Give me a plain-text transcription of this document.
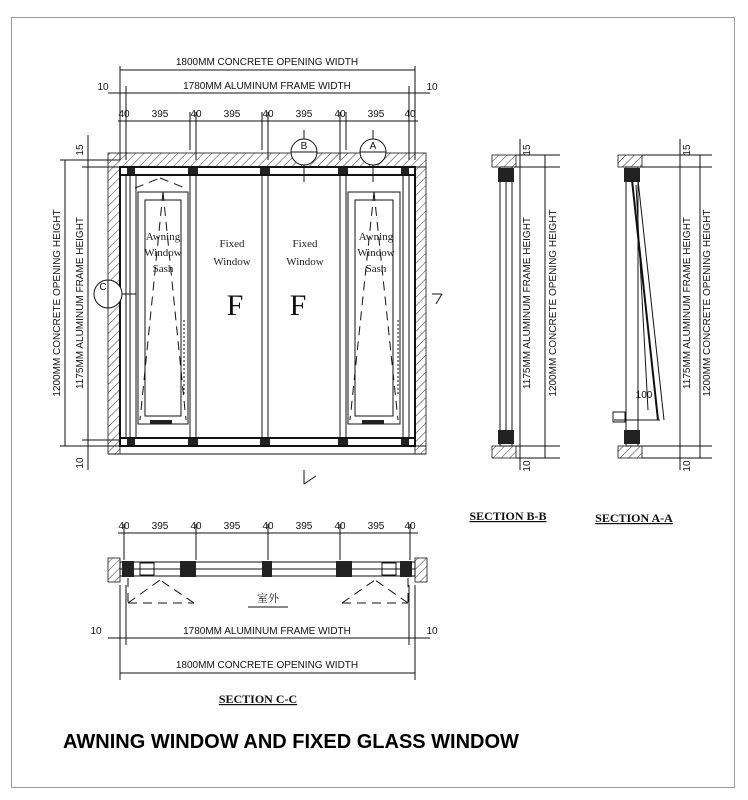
1800MM CONCRETE OPENING WIDTH
1780MM ALUMINUM FRAME WIDTH
10	10
40 395 40 395 40 395 40 395 40
1200MM CONCRETE OPENING HEIGHT 1175MM ALUMINUM FRAME HEIGHT
15
10
Awning
Window
Sash
Awning
Window
Sash
Fixed
Window
F
Fixed
Window
F
B	A
C	1175MM ALUMINUM FRAME HEIGHT 1200MM CONCRETE OPENING HEIGHT
15
10
SECTION B-B
1175MM ALUMINUM FRAME HEIGHT 1200MM CONCRETE OPENING HEIGHT
15
10
100
SECTION A-A
40 395 40 395 40 395 40 395 40
室外
10	10
1780MM ALUMINUM FRAME WIDTH
1800MM CONCRETE OPENING WIDTH
SECTION C-C
AWNING WINDOW AND FIXED GLASS WINDOW
